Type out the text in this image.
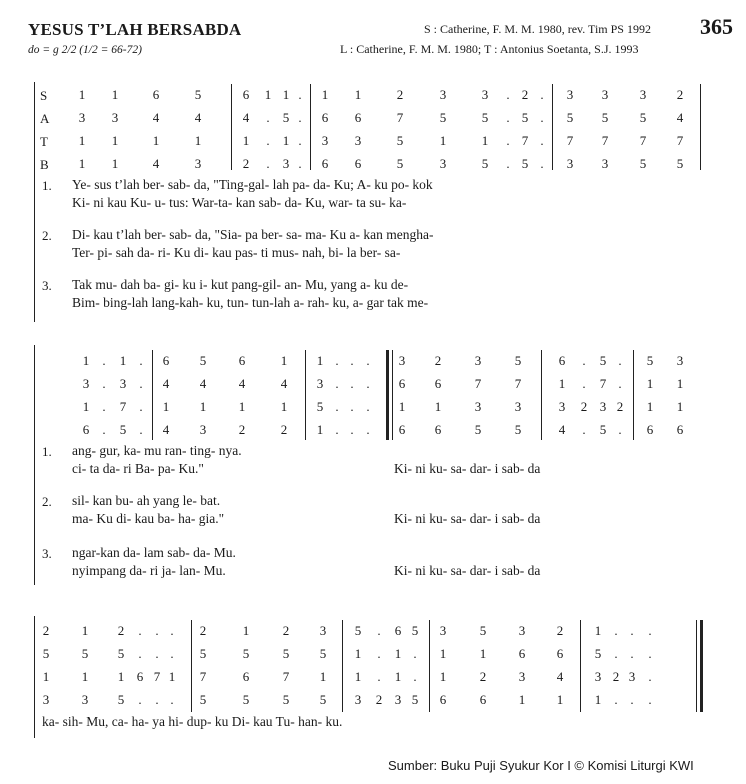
YESUS T’LAH BERSABDA	365
do = g 2/2 (1/2 = 66-72)
S : Catherine, F. M. M. 1980, rev. Tim PS 1992
L : Catherine, F. M. M. 1980; T : Antonius Soetanta, S.J. 1993
S
A
T
B
1 1	6	5	6 1 1 . 1 1	2	3	3 . 2 . 3 3 3 2
3 3	4	4	4 . 5 . 6 6	7	5	5 . 5 . 5 5 5 4
1 1	1	1	1 . 1 . 3 3	5	1	1 . 7 . 7 7 7 7
1 1	4	3	2 . 3 . 6 6	5	3	5 . 5 . 3 3 5 5
1. Ye- sus t’lah ber- sab- da, "Ting-gal- lah pa- da- Ku; A- ku po- kok
Ki- ni kau Ku- u- tus: War-ta- kan sab- da- Ku, war- ta su- ka-
2. Di- kau t’lah ber- sab- da, "Sia- pa ber- sa- ma- Ku a- kan mengha-
Ter- pi- sah da- ri- Ku di- kau pas- ti mus- nah, bi- la ber- sa-
3. Tak mu- dah ba- gi- ku i- kut pang-gil- an- Mu, yang a- ku de-
Bim- bing-lah lang-kah- ku, tun- tun-lah a- rah- ku, a- gar tak me-
1 . 1 . 6 5	6	1 1 . . . 3 2	3	5	6 . 5 . 5 3
3 . 3 . 4 4	4	4 3 . . . 6 6	7	7	1 . 7 . 1 1
1 . 7 . 1 1	1	1 5 . . . 1 1	3	3	3 2 3 2 1 1
6 . 5 . 4 3	2	2 1 . . . 6 6	5	5	4 . 5 . 6 6
1. ang- gur, ka- mu ran- ting- nya.
ci- ta da- ri Ba- pa- Ku."	Ki- ni ku- sa- dar- i sab- da
2. sil- kan bu- ah yang le- bat.
ma- Ku di- kau ba- ha- gia."	Ki- ni ku- sa- dar- i sab- da
3. ngar-kan da- lam sab- da- Mu.
nyimpang da- ri ja- lan- Mu.	Ki- ni ku- sa- dar- i sab- da
2	1 2 . . . 2	1	2 3 5 . 6 5 3	5	3 2 1 . . .
5	5 5 . . . 5	5	5 5 1 . 1 . 1	1	6 6 5 . . .
1	1 1 6 7 1 7	6	7 1 1 . 1 . 1	2	3 4 3 2 3 .
3	3 5 . . . 5	5	5 5 3 2 3 5 6	6	1 1 1 . . .
ka- sih- Mu, ca- ha- ya hi- dup- ku Di- kau Tu- han- ku.
Sumber: Buku Puji Syukur Kor I © Komisi Liturgi KWI
